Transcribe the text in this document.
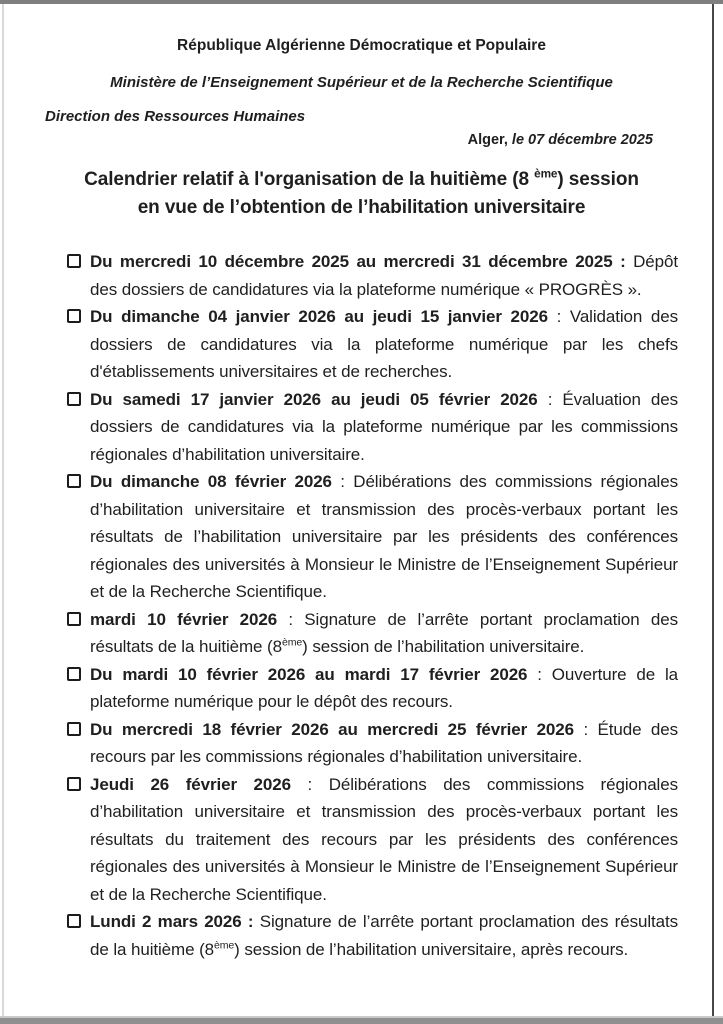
République Algérienne Démocratique et Populaire
Ministère de l’Enseignement Supérieur et de la Recherche Scientifique
Direction des Ressources Humaines
Alger, le 07 décembre 2025
Calendrier relatif à l'organisation de la huitième (8 $^{ème}$) session
en vue de l’obtention de l’habilitation universitaire
Du mercredi 10 décembre 2025 au mercredi 31 décembre 2025 : Dépôt des dossiers de candidatures via la plateforme numérique « PROGRÈS ».
Du dimanche 04 janvier 2026 au jeudi 15 janvier 2026 : Validation des dossiers de candidatures via la plateforme numérique par les chefs d'établissements universitaires et de recherches.
Du samedi 17 janvier 2026 au jeudi 05 février 2026 : Évaluation des dossiers de candidatures via la plateforme numérique par les commissions régionales d’habilitation universitaire.
Du dimanche 08 février 2026 : Délibérations des commissions régionales d’habilitation universitaire et transmission des procès-verbaux portant les résultats de l’habilitation universitaire par les présidents des conférences régionales des universités à Monsieur le Ministre de l’Enseignement Supérieur et de la Recherche Scientifique.
mardi 10 février 2026 : Signature de l’arrête portant proclamation des résultats de la huitième (8ème) session de l’habilitation universitaire.
Du mardi 10 février 2026 au mardi 17 février 2026 : Ouverture de la plateforme numérique pour le dépôt des recours.
Du mercredi 18 février 2026 au mercredi 25 février 2026 : Étude des recours par les commissions régionales d’habilitation universitaire.
Jeudi 26 février 2026 : Délibérations des commissions régionales d’habilitation universitaire et transmission des procès-verbaux portant les résultats du traitement des recours par les présidents des conférences régionales des universités à Monsieur le Ministre de l’Enseignement Supérieur et de la Recherche Scientifique.
Lundi 2 mars 2026 : Signature de l’arrête portant proclamation des résultats de la huitième (8ème) session de l’habilitation universitaire, après recours.
